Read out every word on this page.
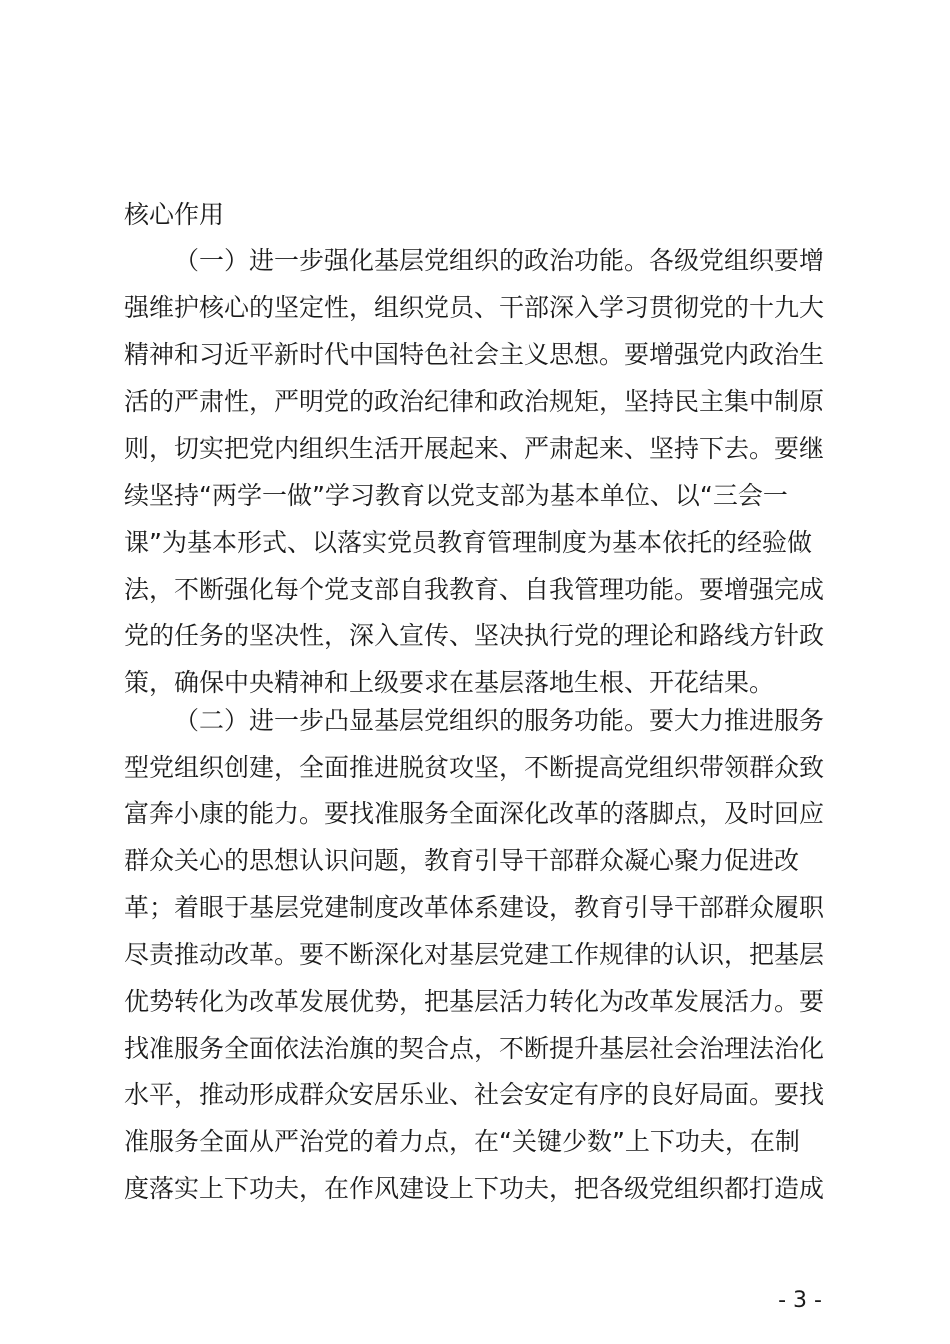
核心作用
（一）进一步强化基层党组织的政治功能。各级党组织要增
强维护核心的坚定性，组织党员、干部深入学习贯彻党的十九大
精神和习近平新时代中国特色社会主义思想。要增强党内政治生
活的严肃性，严明党的政治纪律和政治规矩，坚持民主集中制原
则，切实把党内组织生活开展起来、严肃起来、坚持下去。要继
续坚持“两学一做”学习教育以党支部为基本单位、以“三会一
课”为基本形式、以落实党员教育管理制度为基本依托的经验做
法，不断强化每个党支部自我教育、自我管理功能。要增强完成
党的任务的坚决性，深入宣传、坚决执行党的理论和路线方针政
策，确保中央精神和上级要求在基层落地生根、开花结果。
（二）进一步凸显基层党组织的服务功能。要大力推进服务
型党组织创建，全面推进脱贫攻坚，不断提高党组织带领群众致
富奔小康的能力。要找准服务全面深化改革的落脚点，及时回应
群众关心的思想认识问题，教育引导干部群众凝心聚力促进改
革；着眼于基层党建制度改革体系建设，教育引导干部群众履职
尽责推动改革。要不断深化对基层党建工作规律的认识，把基层
优势转化为改革发展优势，把基层活力转化为改革发展活力。要
找准服务全面依法治旗的契合点，不断提升基层社会治理法治化
水平，推动形成群众安居乐业、社会安定有序的良好局面。要找
准服务全面从严治党的着力点，在“关键少数”上下功夫，在制
度落实上下功夫，在作风建设上下功夫，把各级党组织都打造成
- 3 -
